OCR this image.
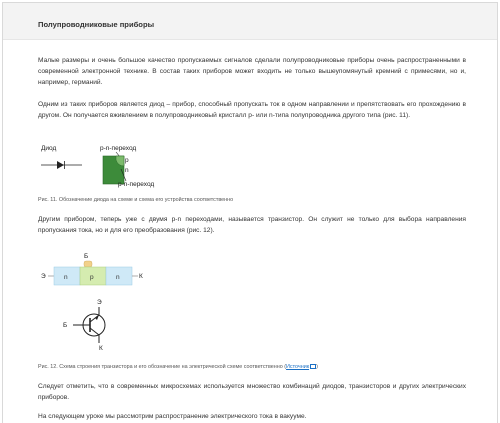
Полупроводниковые приборы

Малые размеры и очень большое качество пропускаемых сигналов сделали полупроводниковые приборы очень распространенными в современной электронной технике. В состав таких приборов может входить не только вышеупомянутый кремний с примесями, но и, например, германий.

Одним из таких приборов является диод – прибор, способный пропускать ток в одном направлении и препятствовать его прохождению в другом. Он получается вживлением в полупроводниковый кристалл р- или n-типа полупроводника другого типа (рис. 11).

Диод	р-n-переход
р
n
р-n-переход
Рис. 11. Обозначение диода на схеме и схема его устройства соответственно

Другим прибором, теперь уже с двумя p-n переходами, называется транзистор. Он служит не только для выбора направления пропускания тока, но и для его преобразования (рис. 12).

Б
Э	n	p	n	К
Э
Б
К
Рис. 12. Схема строения транзистора и его обозначение на электрической схеме соответственно (Источник )

Следует отметить, что в современных микросхемах используется множество комбинаций диодов, транзисторов и других электрических приборов.

На следующем уроке мы рассмотрим распространение электрического тока в вакууме.
